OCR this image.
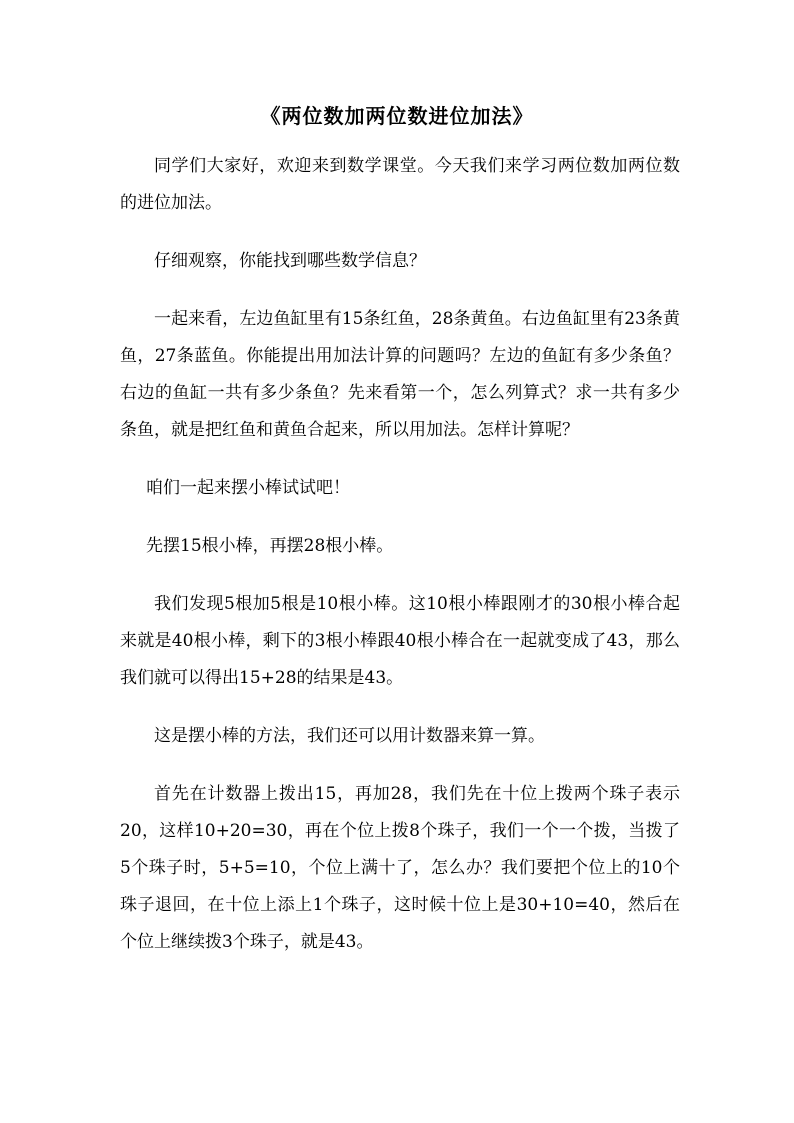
《两位数加两位数进位加法》

同学们大家好，欢迎来到数学课堂。今天我们来学习两位数加两位数的进位加法。

仔细观察，你能找到哪些数学信息？

一起来看，左边鱼缸里有15条红鱼，28条黄鱼。右边鱼缸里有23条黄鱼，27条蓝鱼。你能提出用加法计算的问题吗？左边的鱼缸有多少条鱼？右边的鱼缸一共有多少条鱼？先来看第一个，怎么列算式？求一共有多少条鱼，就是把红鱼和黄鱼合起来，所以用加法。怎样计算呢？

咱们一起来摆小棒试试吧！

先摆15根小棒，再摆28根小棒。

我们发现5根加5根是10根小棒。这10根小棒跟刚才的30根小棒合起来就是40根小棒，剩下的3根小棒跟40根小棒合在一起就变成了43，那么我们就可以得出15+28的结果是43。

这是摆小棒的方法，我们还可以用计数器来算一算。

首先在计数器上拨出15，再加28，我们先在十位上拨两个珠子表示20，这样10+20=30，再在个位上拨8个珠子，我们一个一个拨，当拨了5个珠子时，5+5=10，个位上满十了，怎么办？我们要把个位上的10个珠子退回，在十位上添上1个珠子，这时候十位上是30+10=40，然后在个位上继续拨3个珠子，就是43。
